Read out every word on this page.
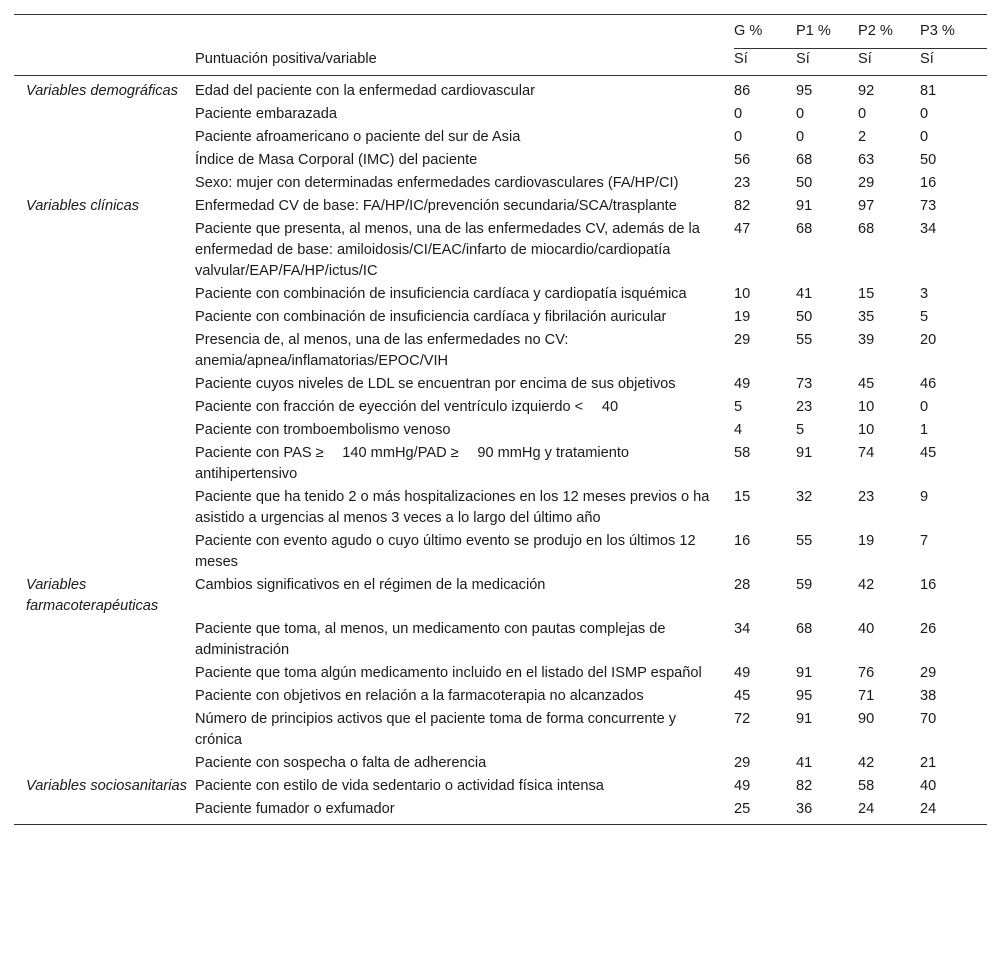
		G %	P1 %	P2 %	P3 %
	Puntuación positiva/variable	Sí	Sí	Sí	Sí
Variables demográficas	Edad del paciente con la enfermedad cardiovascular	86	95	92	81
	Paciente embarazada	0	0	0	0
	Paciente afroamericano o paciente del sur de Asia	0	0	2	0
	Índice de Masa Corporal (IMC) del paciente	56	68	63	50
	Sexo: mujer con determinadas enfermedades cardiovasculares (FA/HP/CI)	23	50	29	16
Variables clínicas	Enfermedad CV de base: FA/HP/IC/prevención secundaria/SCA/trasplante	82	91	97	73
	Paciente que presenta, al menos, una de las enfermedades CV, además de la enfermedad de base: amiloidosis/CI/EAC/infarto de miocardio/cardiopatía valvular/EAP/FA/HP/ictus/IC	47	68	68	34
	Paciente con combinación de insuficiencia cardíaca y cardiopatía isquémica	10	41	15	3
	Paciente con combinación de insuficiencia cardíaca y fibrilación auricular	19	50	35	5
	Presencia de, al menos, una de las enfermedades no CV: anemia/apnea/inflamatorias/EPOC/VIH	29	55	39	20
	Paciente cuyos niveles de LDL se encuentran por encima de sus objetivos	49	73	45	46
	Paciente con fracción de eyección del ventrículo izquierdo <  40	5	23	10	0
	Paciente con tromboembolismo venoso	4	5	10	1
	Paciente con PAS ≥  140 mmHg/PAD ≥  90 mmHg y tratamiento antihipertensivo	58	91	74	45
	Paciente que ha tenido 2 o más hospitalizaciones en los 12 meses previos o ha asistido a urgencias al menos 3 veces a lo largo del último año	15	32	23	9
	Paciente con evento agudo o cuyo último evento se produjo en los últimos 12 meses	16	55	19	7
Variables farmacoterapéuticas	Cambios significativos en el régimen de la medicación	28	59	42	16
	Paciente que toma, al menos, un medicamento con pautas complejas de administración	34	68	40	26
	Paciente que toma algún medicamento incluido en el listado del ISMP español	49	91	76	29
	Paciente con objetivos en relación a la farmacoterapia no alcanzados	45	95	71	38
	Número de principios activos que el paciente toma de forma concurrente y crónica	72	91	90	70
	Paciente con sospecha o falta de adherencia	29	41	42	21
Variables sociosanitarias	Paciente con estilo de vida sedentario o actividad física intensa	49	82	58	40
	Paciente fumador o exfumador	25	36	24	24
